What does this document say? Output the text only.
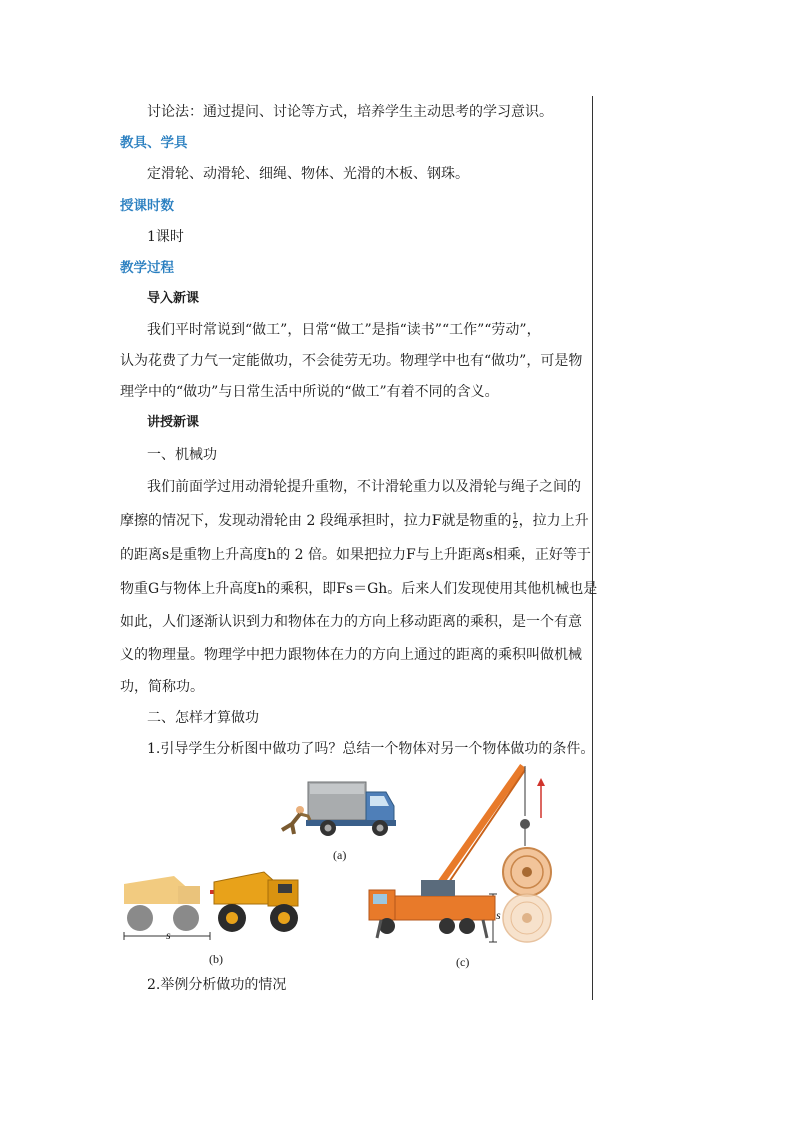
讨论法：通过提问、讨论等方式，培养学生主动思考的学习意识。
教具、学具
定滑轮、动滑轮、细绳、物体、光滑的木板、钢珠。
授课时数
1课时
教学过程
导入新课
我们平时常说到“做工”，日常“做工”是指“读书”“工作”“劳动”，
认为花费了力气一定能做功，不会徒劳无功。物理学中也有“做功”，可是物
理学中的“做功”与日常生活中所说的“做工”有着不同的含义。
讲授新课
一、机械功
我们前面学过用动滑轮提升重物，不计滑轮重力以及滑轮与绳子之间的
摩擦的情况下，发现动滑轮由 2 段绳承担时，拉力F就是物重的 $\frac{1}{2}$ ，拉力上升
的距离s是重物上升高度h的 2 倍。如果把拉力F与上升距离s相乘，正好等于
物重G与物体上升高度h的乘积，即Fs＝Gh。后来人们发现使用其他机械也是
如此，人们逐渐认识到力和物体在力的方向上移动距离的乘积，是一个有意
义的物理量。物理学中把力跟物体在力的方向上通过的距离的乘积叫做机械
功，简称功。
二、怎样才算做功
1.引导学生分析图中做功了吗？总结一个物体对另一个物体做功的条件。
(a)
s
(b)
s
(c)
2.举例分析做功的情况
